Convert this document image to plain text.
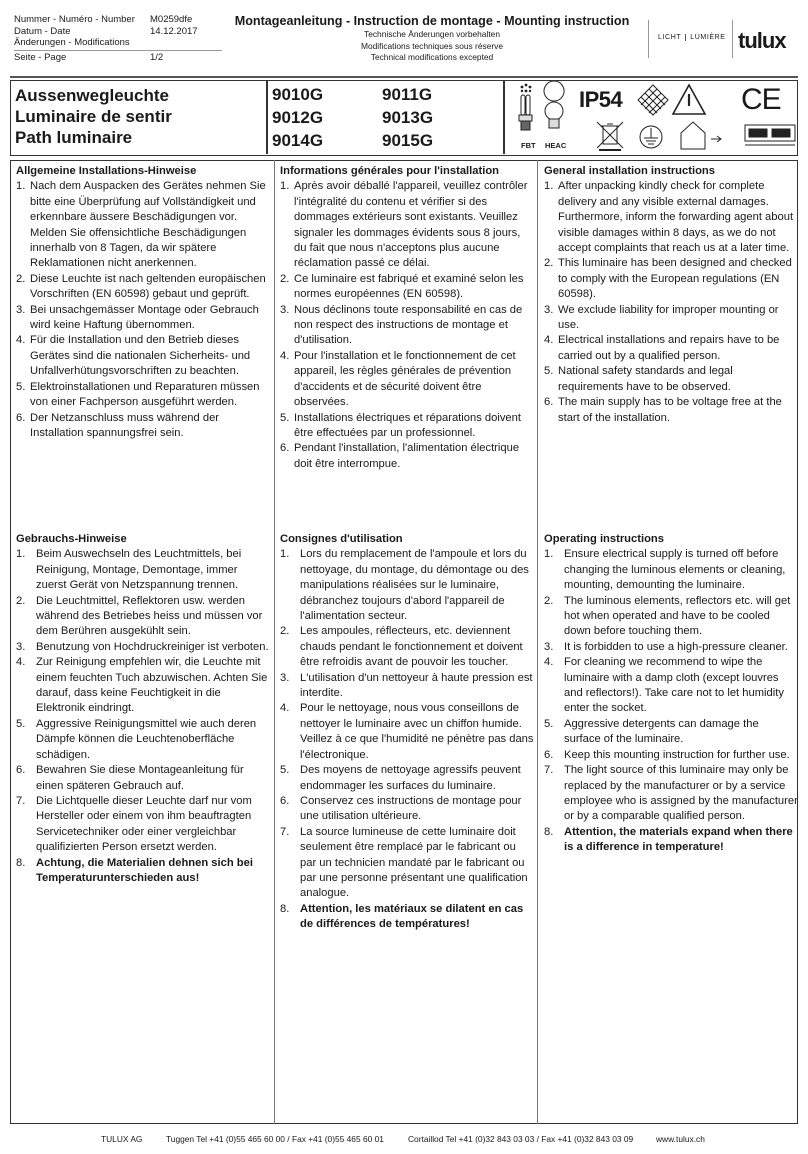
Nummer - Numéro - Number M0259dfe
Datum - Date	14.12.2017
Änderungen - Modifications
Seite - Page	1/2
Montageanleitung - Instruction de montage - Mounting instruction
Technische Änderungen vorbehalten
Modifications techniques sous réserve
Technical modifications excepted
LICHT LUMIÈRE tulux
Aussenwegleuchte
Luminaire de sentir
Path luminaire
9010G	9011G
9012G	9013G
9014G	9015G	FBT HEAC
IP54	CE
Allgemeine Installations-Hinweise
1. Nach dem Auspacken des Gerätes nehmen Sie bitte eine Überprüfung auf Vollständigkeit und erkennbare äussere Beschädigungen vor. Melden Sie offensichtliche Beschädigungen innerhalb von 8 Tagen, da wir spätere Reklamationen nicht anerkennen.
2. Diese Leuchte ist nach geltenden europäischen Vorschriften (EN 60598) gebaut und geprüft.
3. Bei unsachgemässer Montage oder Gebrauch wird keine Haftung übernommen.
4. Für die Installation und den Betrieb dieses Gerätes sind die nationalen Sicherheits- und Unfallverhütungsvorschriften zu beachten.
5. Elektroinstallationen und Reparaturen müssen von einer Fachperson ausgeführt werden.
6. Der Netzanschluss muss während der Installation spannungsfrei sein.
Informations générales pour l'installation
1. Après avoir déballé l'appareil, veuillez contrôler l'intégralité du contenu et vérifier si des dommages extérieurs sont existants. Veuillez signaler les dommages évidents sous 8 jours, du fait que nous n'acceptons plus aucune réclamation passé ce délai.
2. Ce luminaire est fabriqué et examiné selon les normes européennes (EN 60598).
3. Nous déclinons toute responsabilité en cas de non respect des instructions de montage et d'utilisation.
4. Pour l'installation et le fonctionnement de cet appareil, les règles générales de prévention d'accidents et de sécurité doivent être observées.
5. Installations électriques et réparations doivent être effectuées par un professionnel.
6. Pendant l'installation, l'alimentation électrique doit être interrompue.
General installation instructions
1. After unpacking kindly check for complete delivery and any visible external damages. Furthermore, inform the forwarding agent about visible damages within 8 days, as we do not accept complaints that reach us at a later time.
2. This luminaire has been designed and checked to comply with the European regulations (EN 60598).
3. We exclude liability for improper mounting or use.
4. Electrical installations and repairs have to be carried out by a qualified person.
5. National safety standards and legal requirements have to be observed.
6. The main supply has to be voltage free at the start of the installation.
Gebrauchs-Hinweise
1. Beim Auswechseln des Leuchtmittels, bei Reinigung, Montage, Demontage, immer zuerst Gerät von Netzspannung trennen.
2. Die Leuchtmittel, Reflektoren usw. werden während des Betriebes heiss und müssen vor dem Berühren ausgekühlt sein.
3. Benutzung von Hochdruckreiniger ist verboten.
4. Zur Reinigung empfehlen wir, die Leuchte mit einem feuchten Tuch abzuwischen. Achten Sie darauf, dass keine Feuchtigkeit in die Elektronik eindringt.
5. Aggressive Reinigungsmittel wie auch deren Dämpfe können die Leuchtenoberfläche schädigen.
6. Bewahren Sie diese Montageanleitung für einen späteren Gebrauch auf.
7. Die Lichtquelle dieser Leuchte darf nur vom Hersteller oder einem von ihm beauftragten Servicetechniker oder einer vergleichbar qualifizierten Person ersetzt werden.
8. Achtung, die Materialien dehnen sich bei Temperaturunterschieden aus!
Consignes d'utilisation
1. Lors du remplacement de l'ampoule et lors du nettoyage, du montage, du démontage ou des manipulations réalisées sur le luminaire, débranchez toujours d'abord l'appareil de l'alimentation secteur.
2. Les ampoules, réflecteurs, etc. deviennent chauds pendant le fonctionnement et doivent être refroidis avant de pouvoir les toucher.
3. L'utilisation d'un nettoyeur à haute pression est interdite.
4. Pour le nettoyage, nous vous conseillons de nettoyer le luminaire avec un chiffon humide. Veillez à ce que l'humidité ne pénètre pas dans l'électronique.
5. Des moyens de nettoyage agressifs peuvent endommager les surfaces du luminaire.
6. Conservez ces instructions de montage pour une utilisation ultérieure.
7. La source lumineuse de cette luminaire doit seulement être remplacé par le fabricant ou par un technicien mandaté par le fabricant ou par une personne présentant une qualification analogue.
8. Attention, les matériaux se dilatent en cas de différences de températures!
Operating instructions
1. Ensure electrical supply is turned off before changing the luminous elements or cleaning, mounting, demounting the luminaire.
2. The luminous elements, reflectors etc. will get hot when operated and have to be cooled down before touching them.
3. It is forbidden to use a high-pressure cleaner.
4. For cleaning we recommend to wipe the luminaire with a damp cloth (except louvres and reflectors!). Take care not to let humidity enter the socket.
5. Aggressive detergents can damage the surface of the luminaire.
6. Keep this mounting instruction for further use.
7. The light source of this luminaire may only be replaced by the manufacturer or by a service employee who is assigned by the manufacturer or by a comparable qualified person.
8. Attention, the materials expand when there is a difference in temperature!
TULUX AG	Tuggen Tel +41 (0)55 465 60 00 / Fax +41 (0)55 465 60 01	Cortaillod Tel +41 (0)32 843 03 03 / Fax +41 (0)32 843 03 09	www.tulux.ch
